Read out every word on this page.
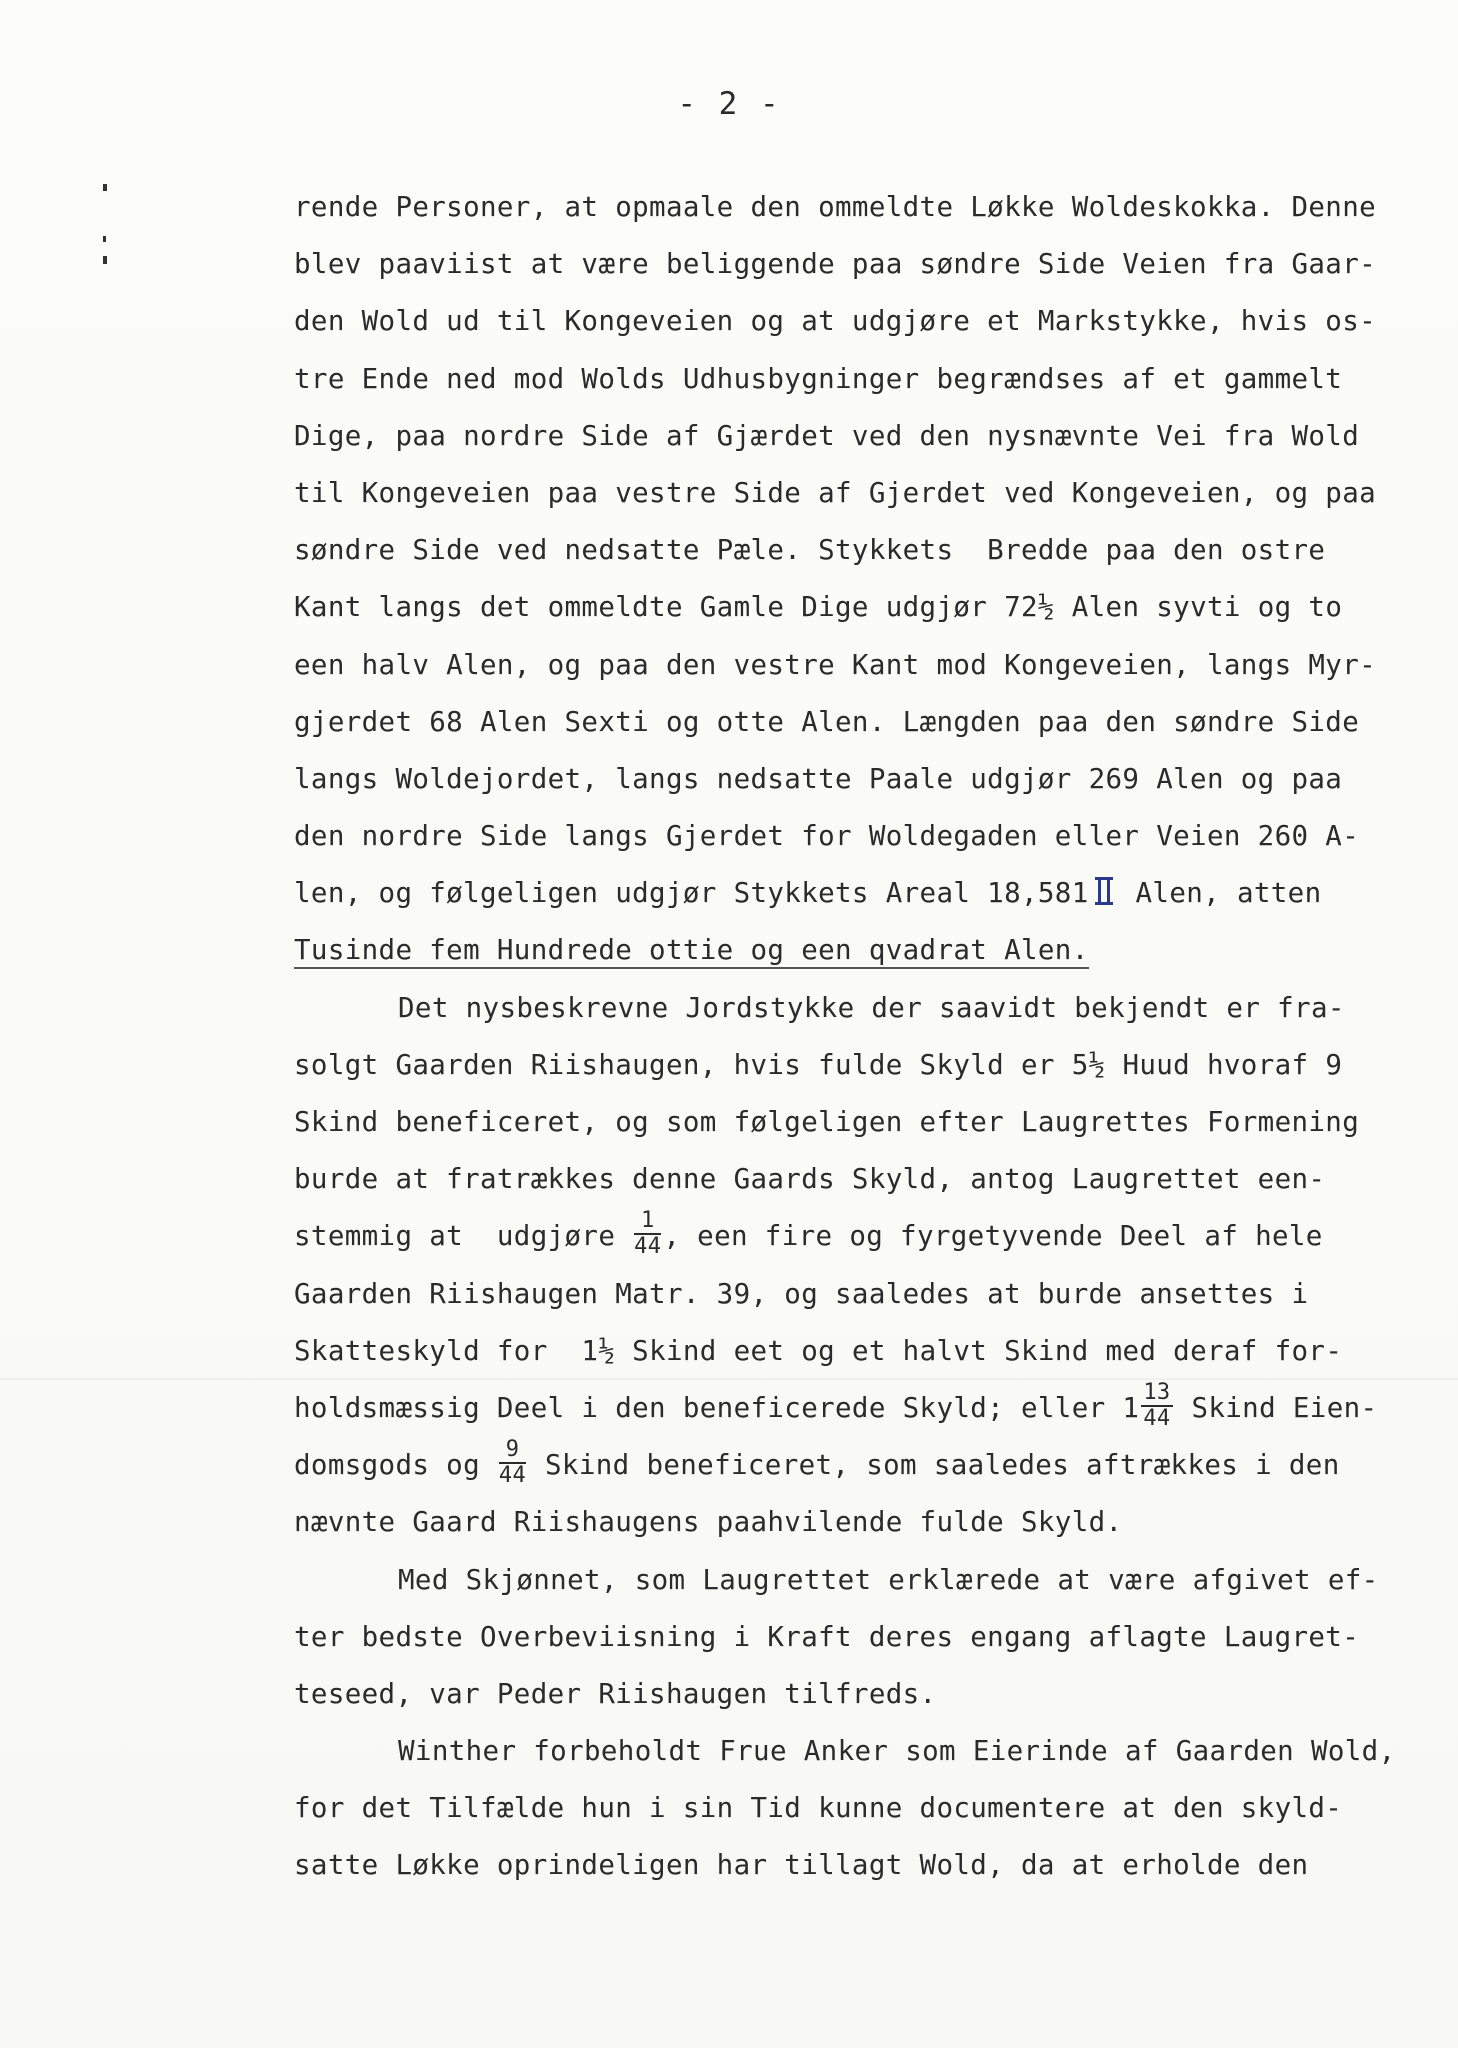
- 2 -
rende Personer, at opmaale den ommeldte Løkke Woldeskokka. Denne
blev paaviist at være beliggende paa søndre Side Veien fra Gaar-
den Wold ud til Kongeveien og at udgjøre et Markstykke, hvis os-
tre Ende ned mod Wolds Udhusbygninger begrændses af et gammelt
Dige, paa nordre Side af Gjærdet ved den nysnævnte Vei fra Wold
til Kongeveien paa vestre Side af Gjerdet ved Kongeveien, og paa
søndre Side ved nedsatte Pæle. Stykkets  Bredde paa den ostre
Kant langs det ommeldte Gamle Dige udgjør 72½ Alen syvti og to
een halv Alen, og paa den vestre Kant mod Kongeveien, langs Myr-
gjerdet 68 Alen Sexti og otte Alen. Længden paa den søndre Side
langs Woldejordet, langs nedsatte Paale udgjør 269 Alen og paa
den nordre Side langs Gjerdet for Woldegaden eller Veien 260 A-
len, og følgeligen udgjør Stykkets Areal 18,581 Alen, atten
Tusinde fem Hundrede ottie og een qvadrat Alen.
Det nysbeskrevne Jordstykke der saavidt bekjendt er fra-
solgt Gaarden Riishaugen, hvis fulde Skyld er 5½ Huud hvoraf 9
Skind beneficeret, og som følgeligen efter Laugrettes Formening
burde at fratrækkes denne Gaards Skyld, antog Laugrettet een-
stemmig at  udgjøre $\frac{1}{44}$ , een fire og fyrgetyvende Deel af hele
Gaarden Riishaugen Matr. 39, og saaledes at burde ansettes i
Skatteskyld for  1½ Skind eet og et halvt Skind med deraf for-
holdsmæssig Deel i den beneficerede Skyld; eller $1 \frac{13}{44}$ Skind Eien-
domsgods og $\frac{9}{44}$ Skind beneficeret, som saaledes aftrækkes i den
nævnte Gaard Riishaugens paahvilende fulde Skyld.
Med Skjønnet, som Laugrettet erklærede at være afgivet ef-
ter bedste Overbeviisning i Kraft deres engang aflagte Laugret-
teseed, var Peder Riishaugen tilfreds.
Winther forbeholdt Frue Anker som Eierinde af Gaarden Wold,
for det Tilfælde hun i sin Tid kunne documentere at den skyld-
satte Løkke oprindeligen har tillagt Wold, da at erholde den
